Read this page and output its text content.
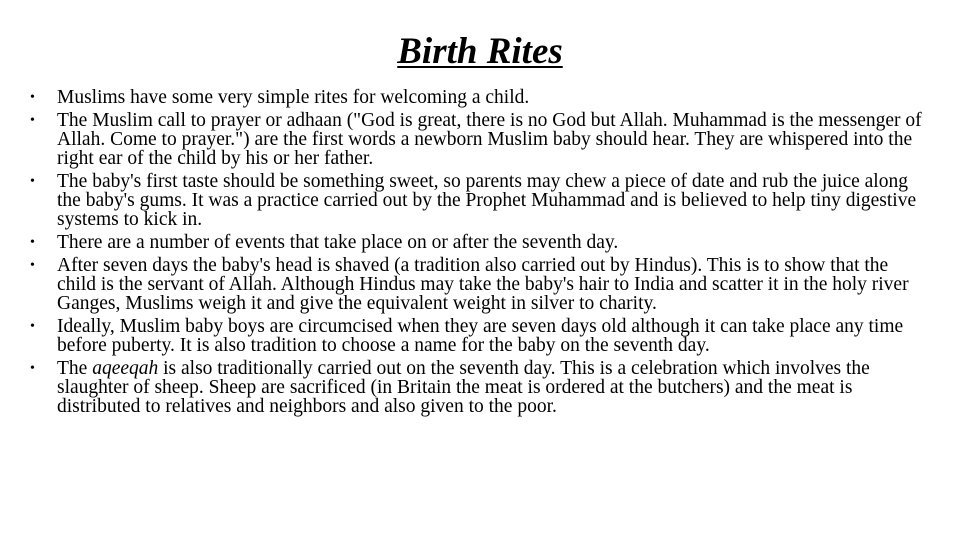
Birth Rites
• Muslims have some very simple rites for welcoming a child.
• The Muslim call to prayer or adhaan ("God is great, there is no God but Allah. Muhammad is the messenger of Allah. Come to prayer.") are the first words a newborn Muslim baby should hear. They are whispered into the right ear of the child by his or her father.
• The baby's first taste should be something sweet, so parents may chew a piece of date and rub the juice along the baby's gums. It was a practice carried out by the Prophet Muhammad and is believed to help tiny digestive systems to kick in.
• There are a number of events that take place on or after the seventh day.
• After seven days the baby's head is shaved (a tradition also carried out by Hindus). This is to show that the child is the servant of Allah. Although Hindus may take the baby's hair to India and scatter it in the holy river Ganges, Muslims weigh it and give the equivalent weight in silver to charity.
• Ideally, Muslim baby boys are circumcised when they are seven days old although it can take place any time before puberty. It is also tradition to choose a name for the baby on the seventh day.
• The aqeeqah is also traditionally carried out on the seventh day. This is a celebration which involves the slaughter of sheep. Sheep are sacrificed (in Britain the meat is ordered at the butchers) and the meat is distributed to relatives and neighbors and also given to the poor.
